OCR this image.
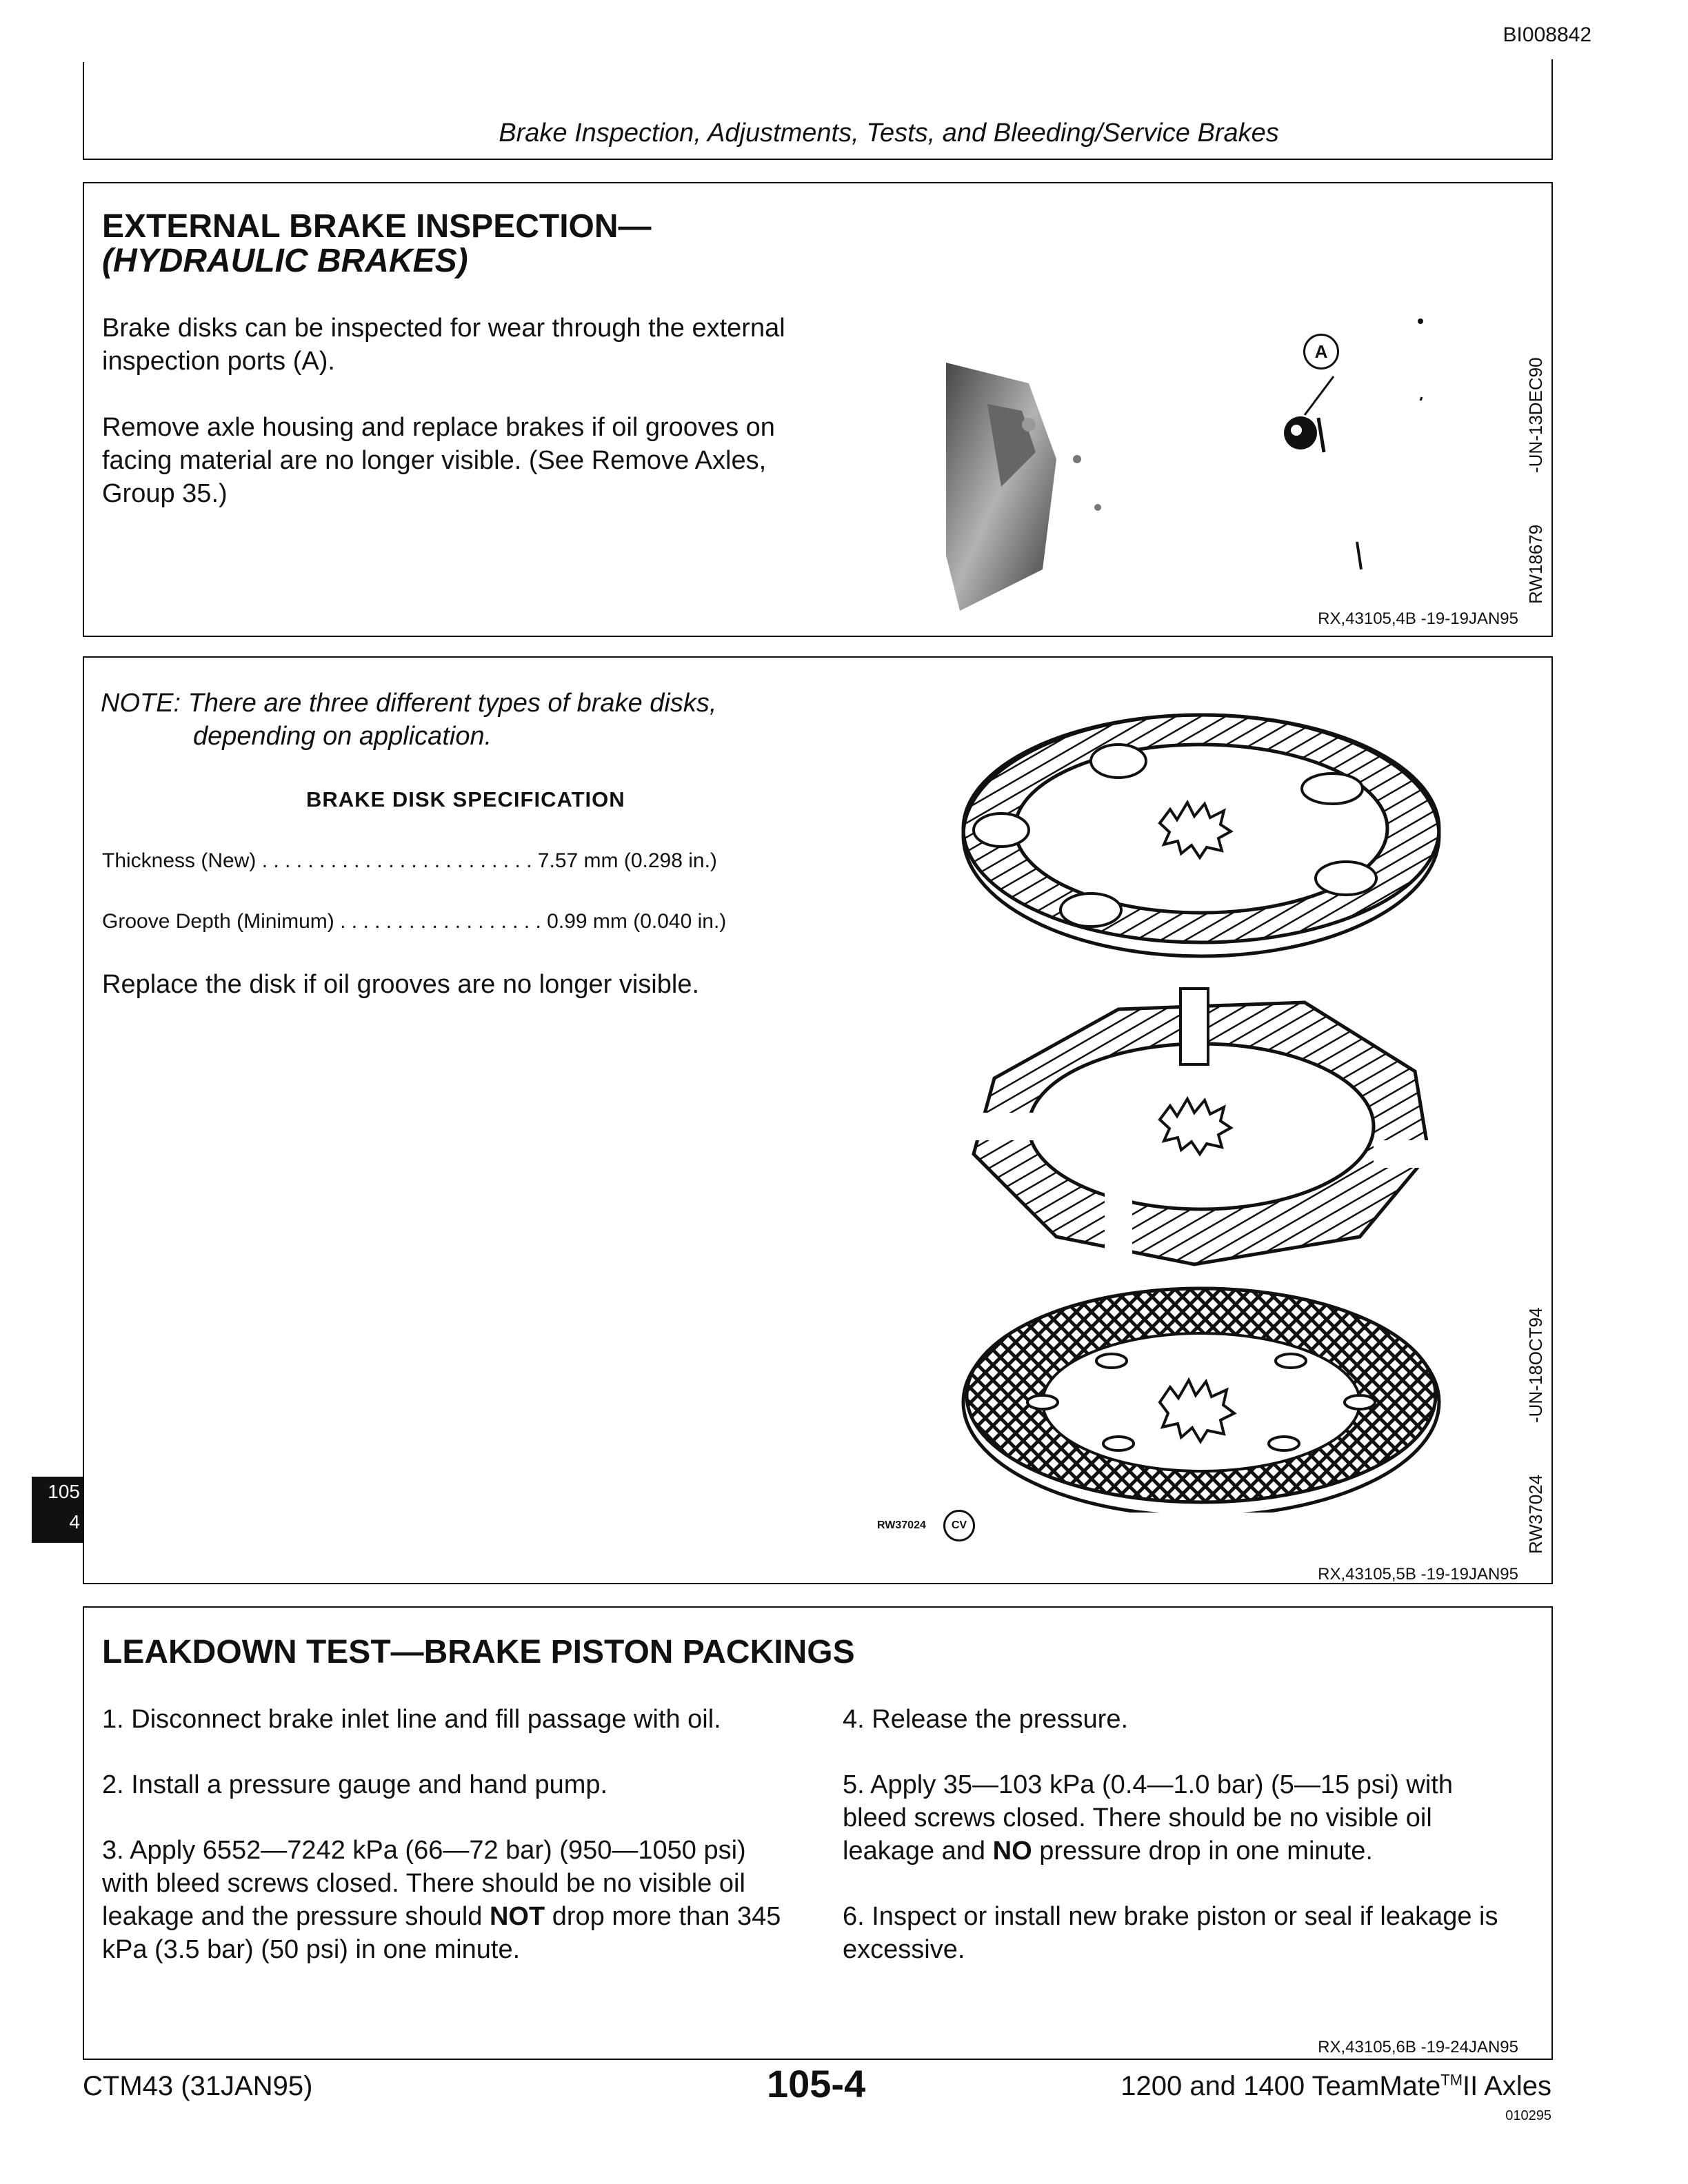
BI008842
Brake Inspection, Adjustments, Tests, and Bleeding/Service Brakes
EXTERNAL BRAKE INSPECTION—
(HYDRAULIC BRAKES)
Brake disks can be inspected for wear through the external inspection ports (A).
Remove axle housing and replace brakes if oil grooves on facing material are no longer visible. (See Remove Axles, Group 35.)
A
-UN-13DEC90
RW18679
RX,43105,4B -19-19JAN95
NOTE: There are three different types of brake disks,
depending on application.
BRAKE DISK SPECIFICATION
Thickness (New) . . . . . . . . . . . . . . . . . . . . . . . . 7.57 mm (0.298 in.)
Groove Depth (Minimum) . . . . . . . . . . . . . . . . . . 0.99 mm (0.040 in.)
Replace the disk if oil grooves are no longer visible.
RW37024	CV
-UN-18OCT94
RW37024
RX,43105,5B -19-19JAN95
105
4
LEAKDOWN TEST—BRAKE PISTON PACKINGS
1. Disconnect brake inlet line and fill passage with oil.
2. Install a pressure gauge and hand pump.
3. Apply 6552—7242 kPa (66—72 bar) (950—1050 psi) with bleed screws closed. There should be no visible oil leakage and the pressure should NOT drop more than 345 kPa (3.5 bar) (50 psi) in one minute.
4. Release the pressure.
5. Apply 35—103 kPa (0.4—1.0 bar) (5—15 psi) with bleed screws closed. There should be no visible oil leakage and NO pressure drop in one minute.
6. Inspect or install new brake piston or seal if leakage is excessive.
RX,43105,6B -19-24JAN95
CTM43 (31JAN95)	105-4	1200 and 1400 TeamMate™II Axles
010295
